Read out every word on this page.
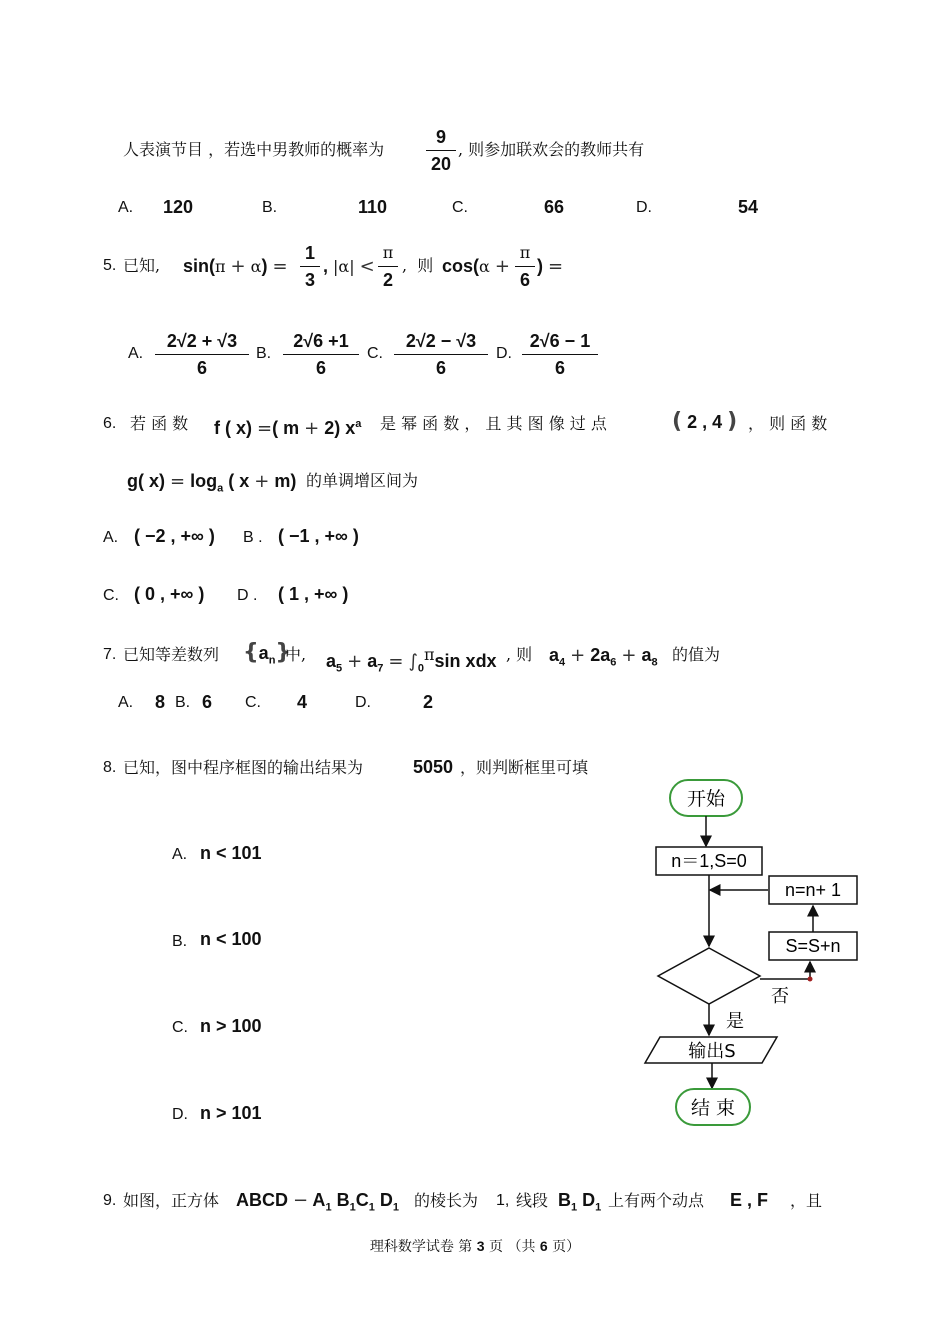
人表演节目 ，若选中男教师的概率为
9
20
, 则参加联欢会的教师共有
A. 120	B.	110	C.	66	D.	54
5. 已知, sin(π + α) =
1
3
, |α| <
π
2
,  则 cos(α +
π
6
) =
A.
2√2 + √3
6
B.
2√6 +1
6
C.
2√2 − √3
6
D.
2√6 − 1
6
6. 若 函 数 f ( x) =( m + 2) $x^a$ 是 幂 函 数 ， 且 其 图 像 过 点	( 2 , 4 ) ， 则 函 数
g( $x) = \log_a$ ( x + m) 的单调增区间为
A. ( −2 , +∞ ) B . ( −1 , +∞ )
C. ( 0 , +∞ ) D . ( 1 , +∞ )
7. 已知等差数列 $\{a_n\}$
中, $a_5 + a_7 = \int_0\pi\sin$ xdx , 则 $a_4 + 2a_6 + a_8$ 的值为
A. 8 B. 6 C. 4	D.	2
8. 已知，图中程序框图的输出结果为	5050 ，则判断框里可填
A. n < 101
B. n < 100
C. n > 100
D. n > 101
开始
n＝1,S=0
n=n+ 1
S=S+n
否
是
输出S
结 束
9. 如图，正方体 ABCD − $A_1$ $B_1C_1$ $D_1$ 的棱长为 1, 线段 $B_1$ $D_1$ 上有两个动点 E , F ，且
理科数学试卷 第 3 页 （共 6 页）
